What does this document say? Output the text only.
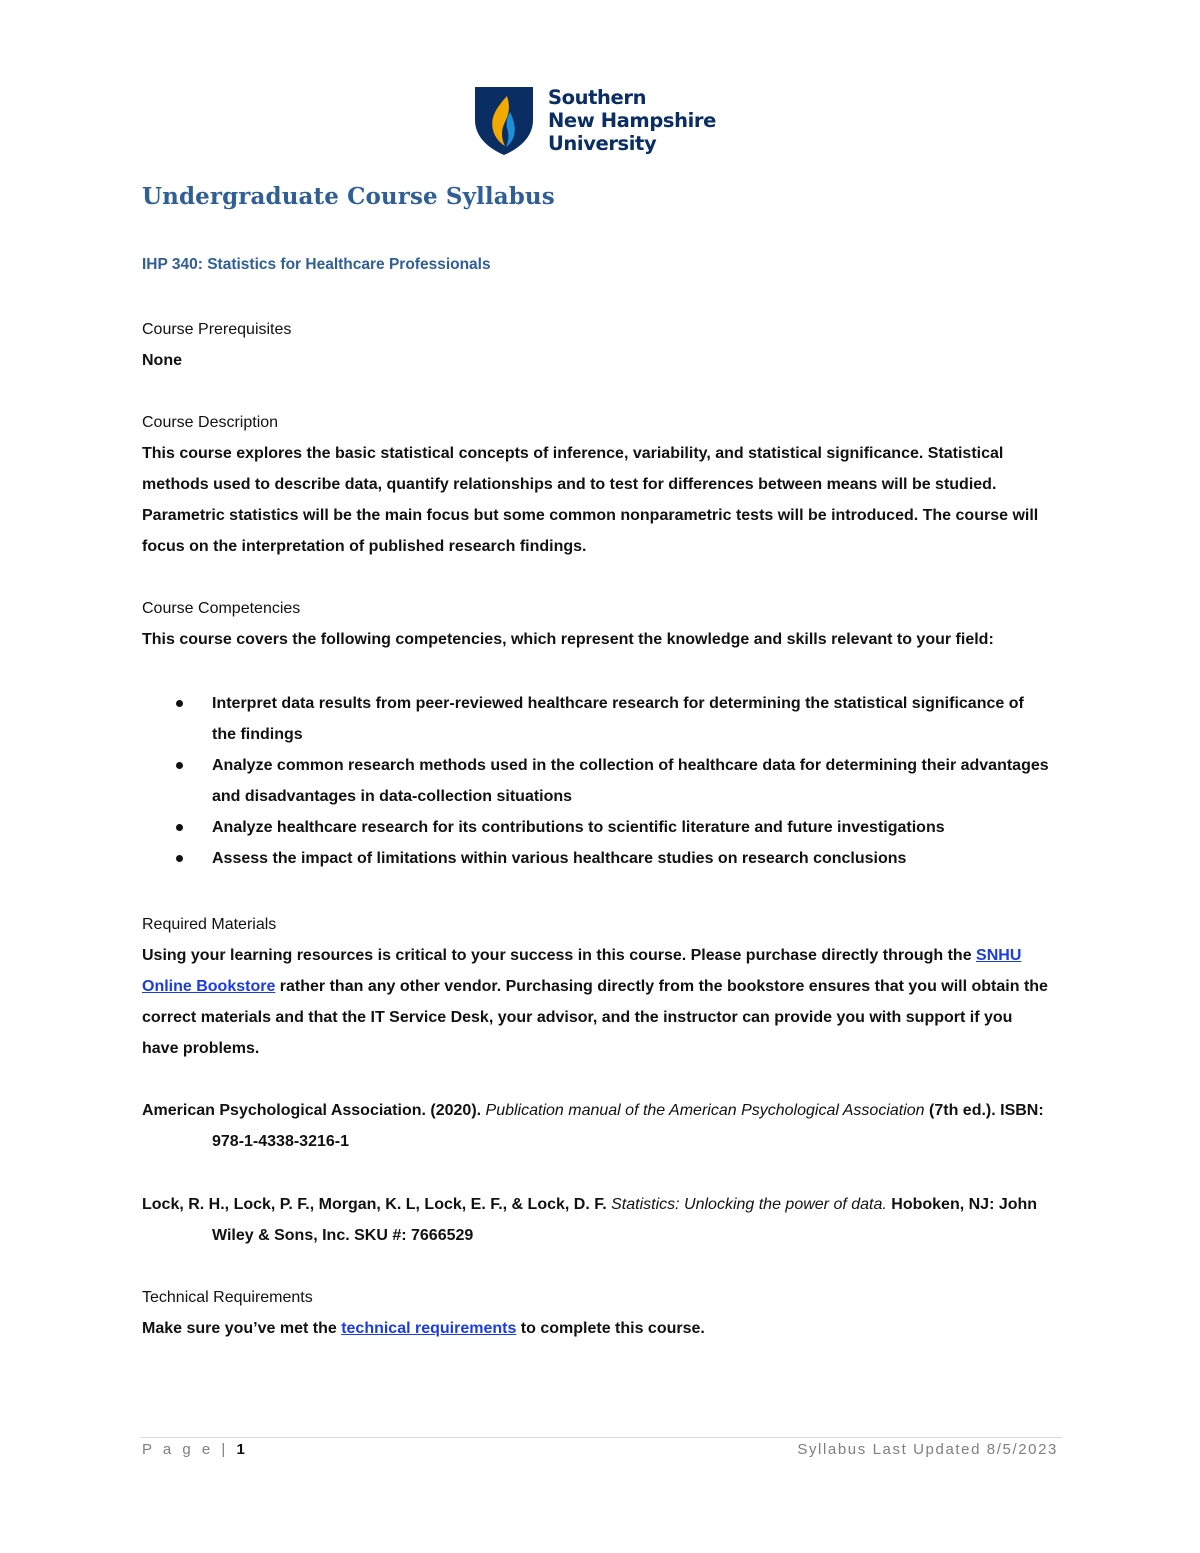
Southern
New Hampshire
University
Undergraduate Course Syllabus
IHP 340: Statistics for Healthcare Professionals
Course Prerequisites
None
Course Description
This course explores the basic statistical concepts of inference, variability, and statistical significance. Statistical methods used to describe data, quantify relationships and to test for differences between means will be studied. Parametric statistics will be the main focus but some common nonparametric tests will be introduced. The course will focus on the interpretation of published research findings.
Course Competencies
This course covers the following competencies, which represent the knowledge and skills relevant to your field:
Interpret data results from peer-reviewed healthcare research for determining the statistical significance of the findings
Analyze common research methods used in the collection of healthcare data for determining their advantages and disadvantages in data-collection situations
Analyze healthcare research for its contributions to scientific literature and future investigations
Assess the impact of limitations within various healthcare studies on research conclusions
Required Materials
Using your learning resources is critical to your success in this course. Please purchase directly through the SNHU Online Bookstore rather than any other vendor. Purchasing directly from the bookstore ensures that you will obtain the correct materials and that the IT Service Desk, your advisor, and the instructor can provide you with support if you have problems.
American Psychological Association. (2020). Publication manual of the American Psychological Association (7th ed.). ISBN: 978-1-4338-3216-1
Lock, R. H., Lock, P. F., Morgan, K. L, Lock, E. F., & Lock, D. F. Statistics: Unlocking the power of data. Hoboken, NJ: John Wiley & Sons, Inc. SKU #: 7666529
Technical Requirements
Make sure you’ve met the technical requirements to complete this course.
P a g e | 1	Syllabus Last Updated 8/5/2023
